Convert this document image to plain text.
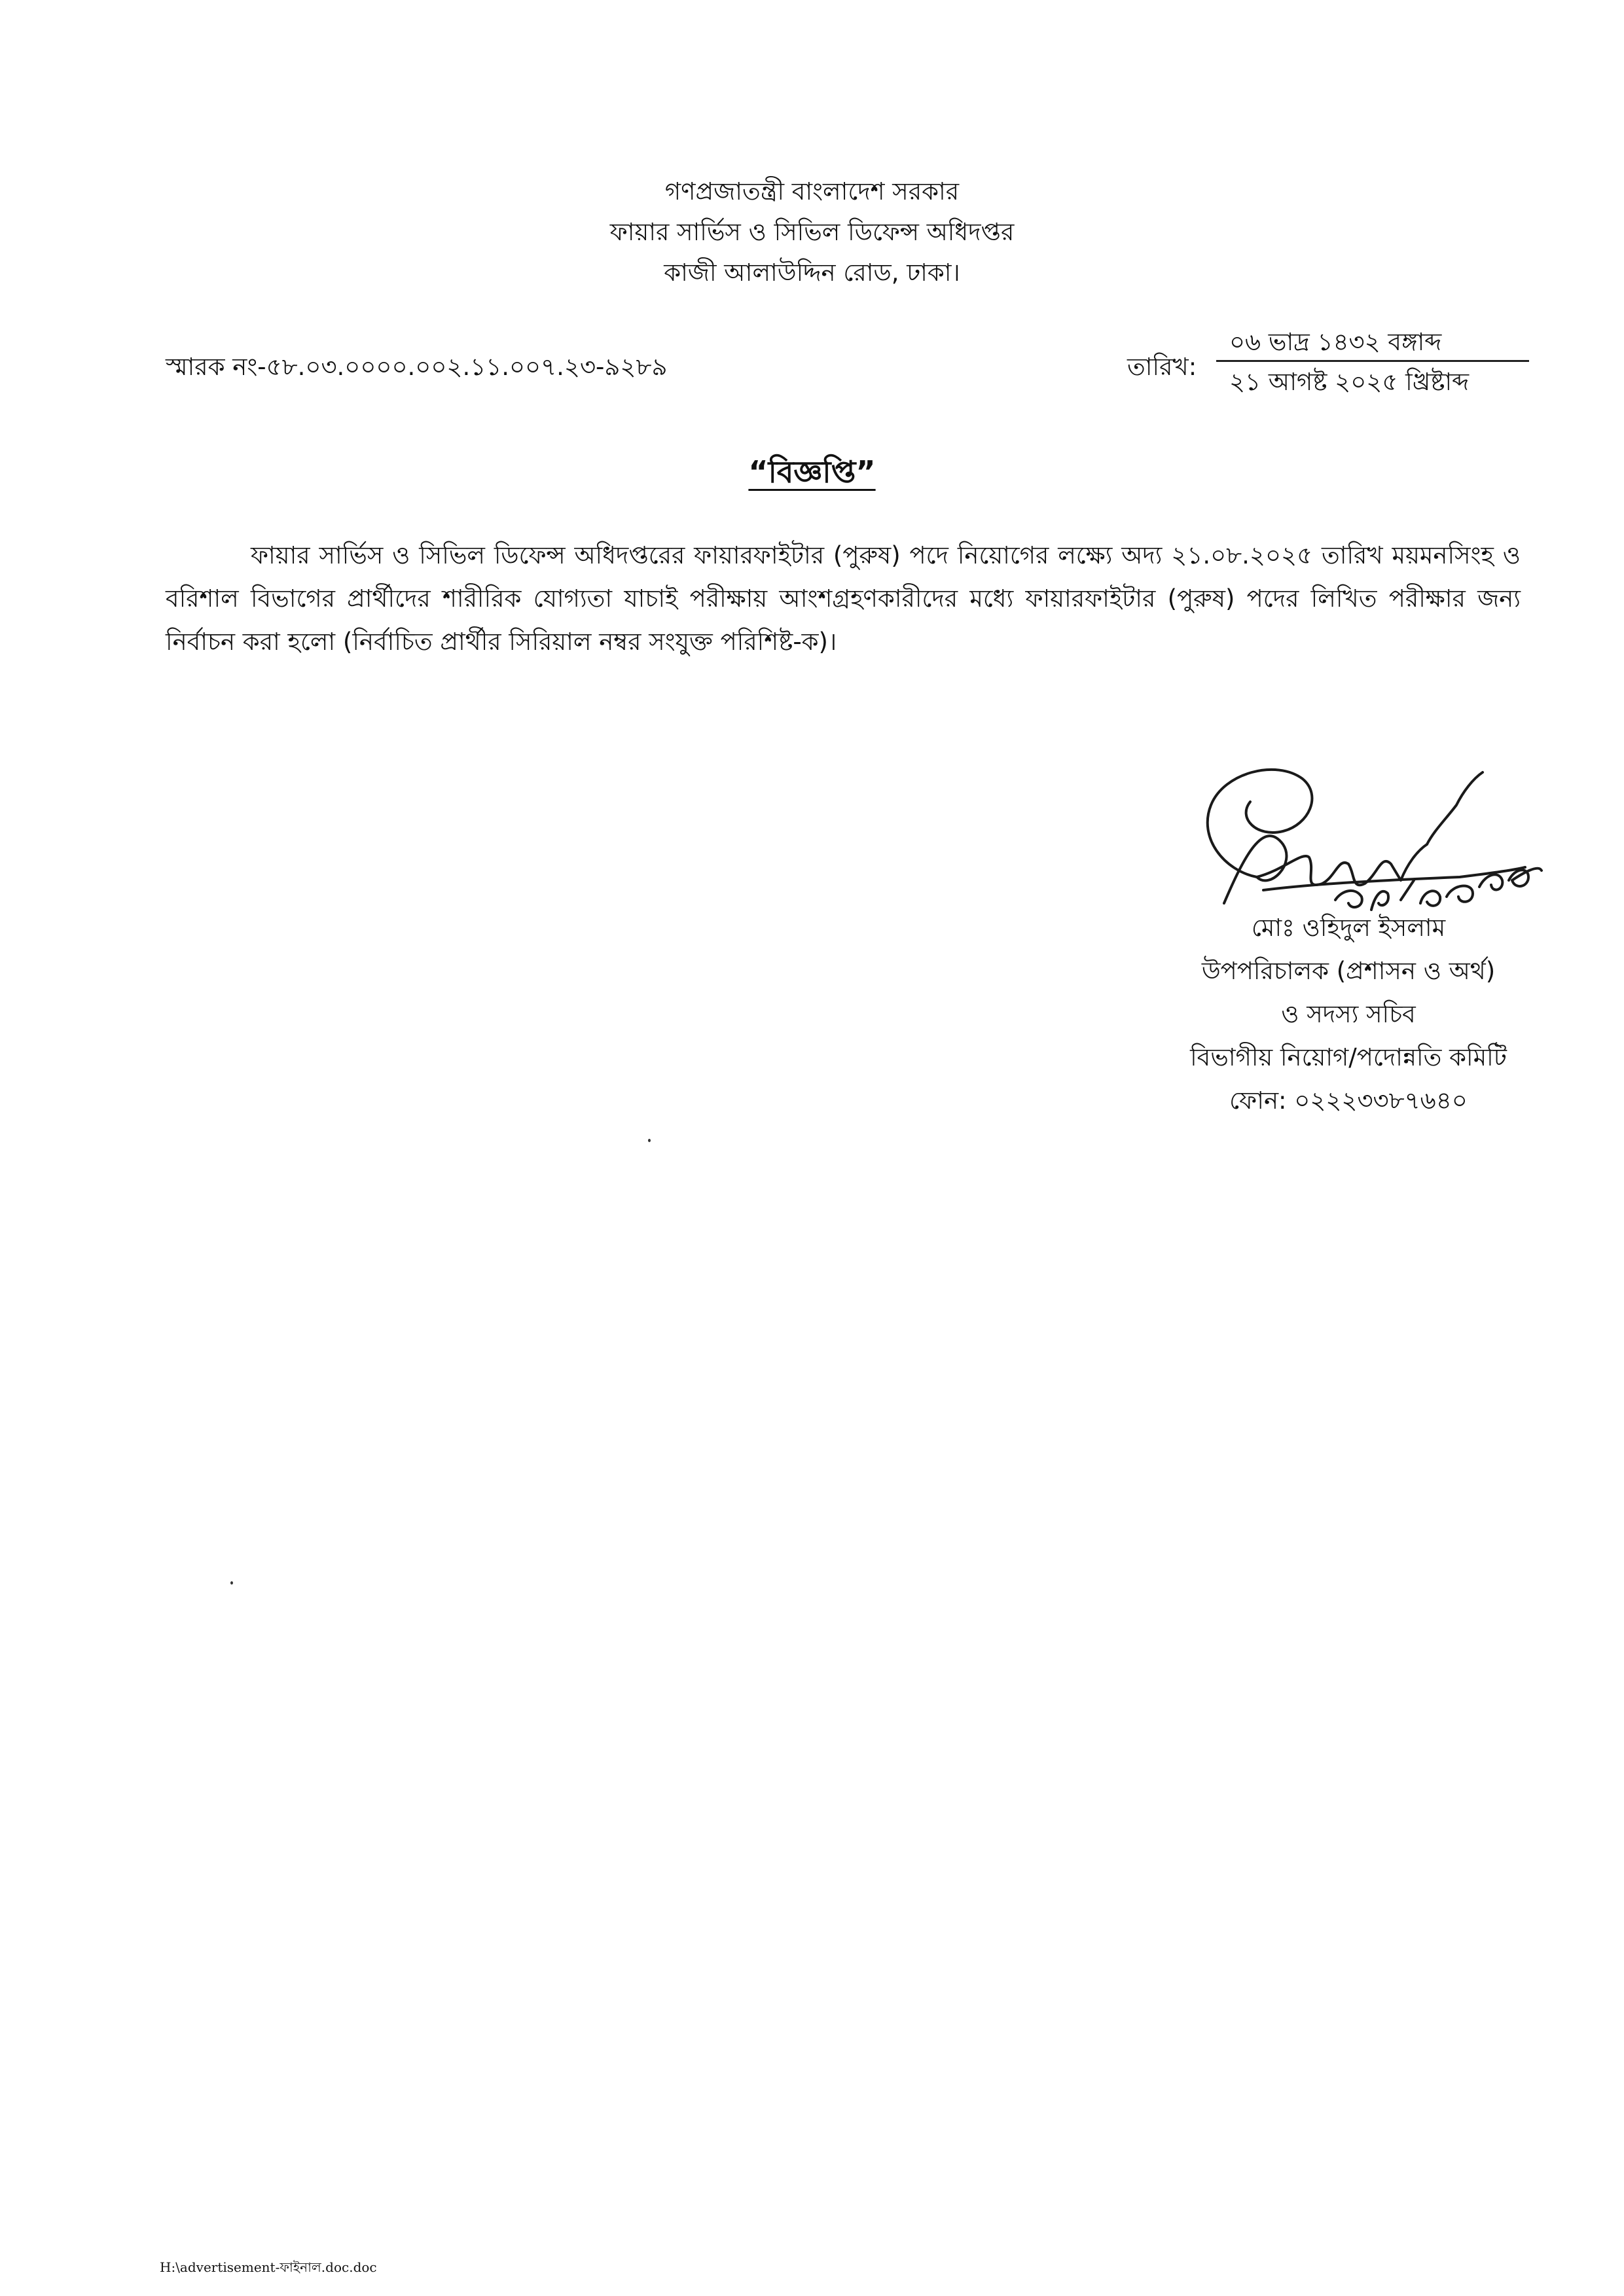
গণপ্রজাতন্ত্রী বাংলাদেশ সরকার
ফায়ার সার্ভিস ও সিভিল ডিফেন্স অধিদপ্তর
কাজী আলাউদ্দিন রোড, ঢাকা।
স্মারক নং-৫৮.০৩.০০০০.০০২.১১.০০৭.২৩-৯২৮৯	তারিখ:
০৬ ভাদ্র ১৪৩২ বঙ্গাব্দ
২১ আগষ্ট ২০২৫ খ্রিষ্টাব্দ
“বিজ্ঞপ্তি”
ফায়ার সার্ভিস ও সিভিল ডিফেন্স অধিদপ্তরের ফায়ারফাইটার (পুরুষ) পদে নিয়োগের লক্ষ্যে অদ্য ২১.০৮.২০২৫ তারিখ ময়মনসিংহ ও বরিশাল বিভাগের প্রার্থীদের শারীরিক যোগ্যতা যাচাই পরীক্ষায় আংশগ্রহণকারীদের মধ্যে ফায়ারফাইটার (পুরুষ) পদের লিখিত পরীক্ষার জন্য নির্বাচন করা হলো (নির্বাচিত প্রার্থীর সিরিয়াল নম্বর সংযুক্ত পরিশিষ্ট-ক)।
মোঃ ওহিদুল ইসলাম
উপপরিচালক (প্রশাসন ও অর্থ)
ও সদস্য সচিব
বিভাগীয় নিয়োগ/পদোন্নতি কমিটি
ফোন: ০২২২৩৩৮৭৬৪০
H:\advertisement-ফাইনাল.doc.doc
